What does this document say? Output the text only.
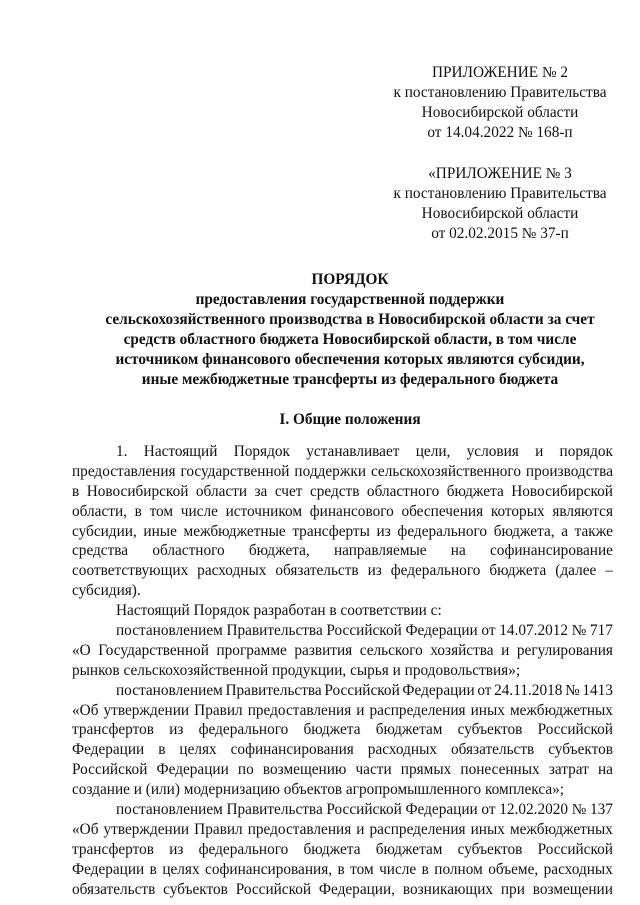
ПРИЛОЖЕНИЕ № 2
к постановлению Правительства
Новосибирской области
от 14.04.2022 № 168-п
«ПРИЛОЖЕНИЕ № 3
к постановлению Правительства
Новосибирской области
от 02.02.2015 № 37-п
ПОРЯДОК
предоставления государственной поддержки
сельскохозяйственного производства в Новосибирской области за счет
средств областного бюджета Новосибирской области, в том числе
источником финансового обеспечения которых являются субсидии,
иные межбюджетные трансферты из федерального бюджета
I. Общие положения
1. Настоящий Порядок устанавливает цели, условия и порядок
предоставления государственной поддержки сельскохозяйственного производства
в Новосибирской области за счет средств областного бюджета Новосибирской
области, в том числе источником финансового обеспечения которых являются
субсидии, иные межбюджетные трансферты из федерального бюджета, а также
средства областного бюджета, направляемые на софинансирование
соответствующих расходных обязательств из федерального бюджета (далее –
субсидия).
Настоящий Порядок разработан в соответствии с:
постановлением Правительства Российской Федерации от 14.07.2012 № 717
«О Государственной программе развития сельского хозяйства и регулирования
рынков сельскохозяйственной продукции, сырья и продовольствия»;
постановлением Правительства Российской Федерации от 24.11.2018 № 1413
«Об утверждении Правил предоставления и распределения иных межбюджетных
трансфертов из федерального бюджета бюджетам субъектов Российской
Федерации в целях софинансирования расходных обязательств субъектов
Российской Федерации по возмещению части прямых понесенных затрат на
создание и (или) модернизацию объектов агропромышленного комплекса»;
постановлением Правительства Российской Федерации от 12.02.2020 № 137
«Об утверждении Правил предоставления и распределения иных межбюджетных
трансфертов из федерального бюджета бюджетам субъектов Российской
Федерации в целях софинансирования, в том числе в полном объеме, расходных
обязательств субъектов Российской Федерации, возникающих при возмещении
